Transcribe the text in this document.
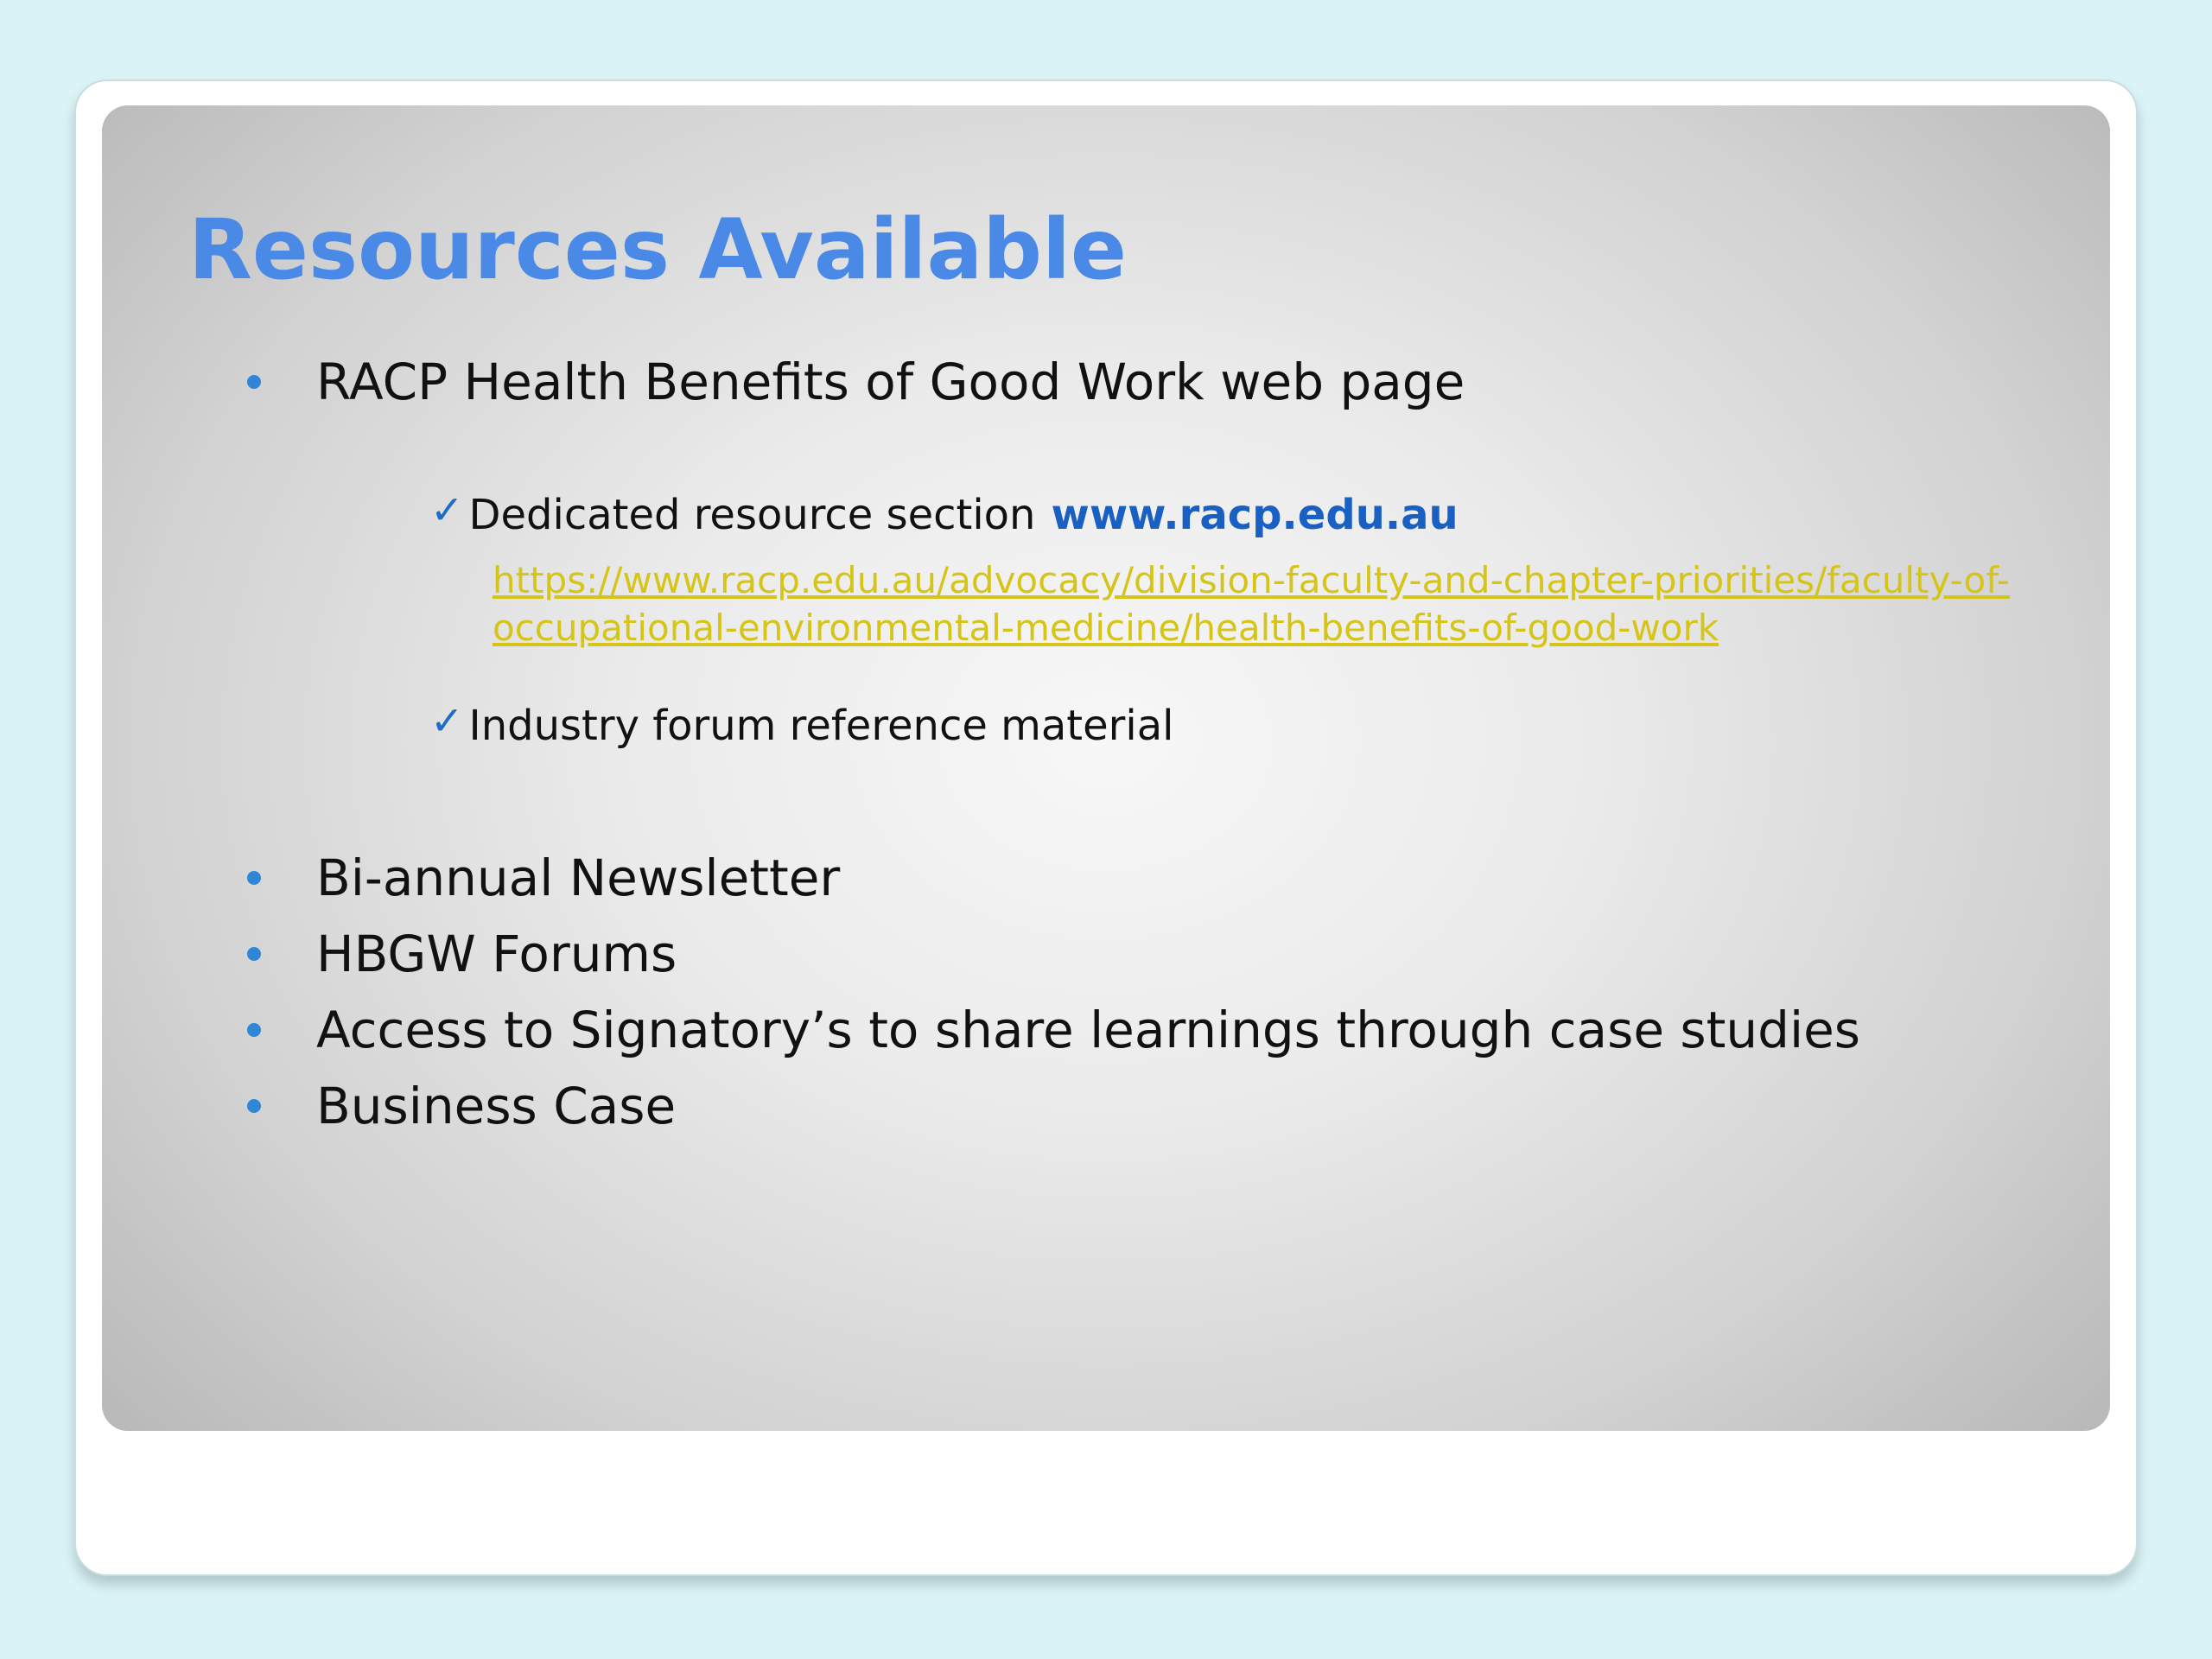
Resources Available
RACP Health Benefits of Good Work web page
✓ Dedicated resource section www.racp.edu.au

https://www.racp.edu.au/advocacy/division-faculty-and-chapter-priorities/faculty-of-occupational-environmental-medicine/health-benefits-of-good-work

✓ Industry forum reference material
Bi-annual Newsletter
HBGW Forums
Access to Signatory’s to share learnings through case studies
Business Case
